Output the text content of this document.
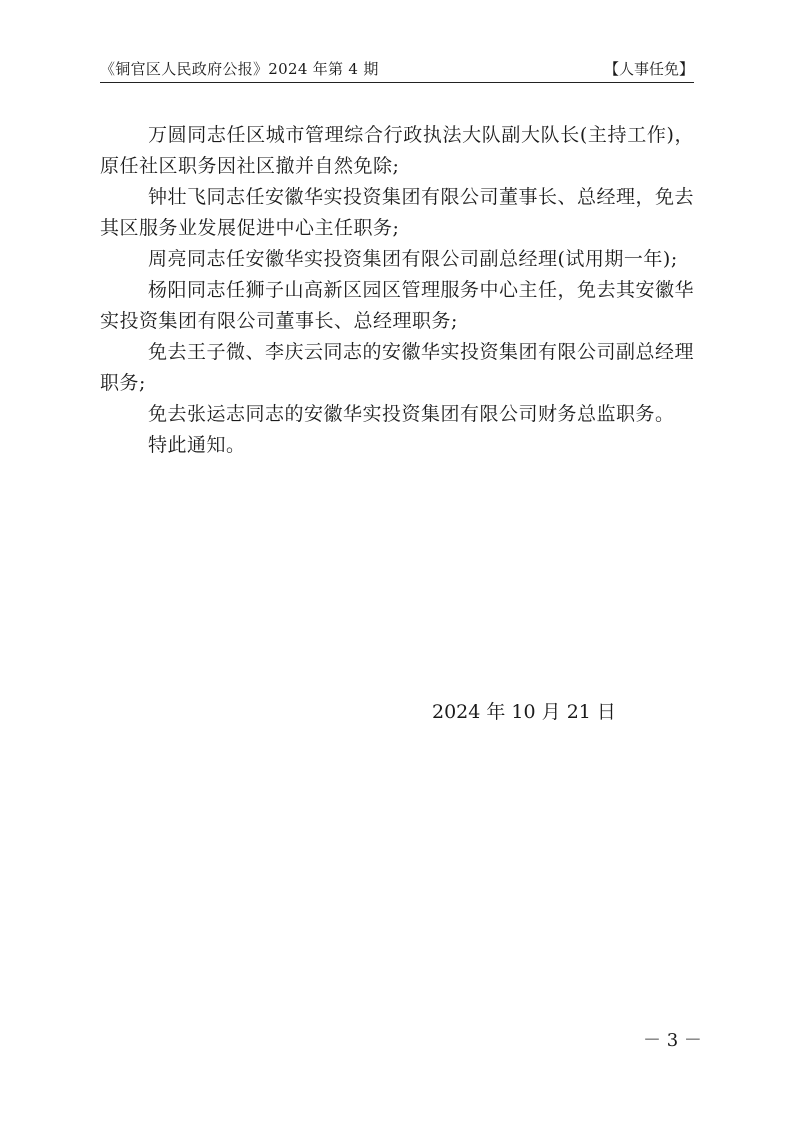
《铜官区人民政府公报》2024 年第 4 期	【人事任免】

万圆同志任区城市管理综合行政执法大队副大队长(主持工作)，原任社区职务因社区撤并自然免除;

钟壮飞同志任安徽华实投资集团有限公司董事长、总经理，免去其区服务业发展促进中心主任职务;

周亮同志任安徽华实投资集团有限公司副总经理(试用期一年);

杨阳同志任狮子山高新区园区管理服务中心主任，免去其安徽华实投资集团有限公司董事长、总经理职务;

免去王子微、李庆云同志的安徽华实投资集团有限公司副总经理职务;

免去张运志同志的安徽华实投资集团有限公司财务总监职务。

特此通知。

2024 年 10 月 21 日
－ 3 －
